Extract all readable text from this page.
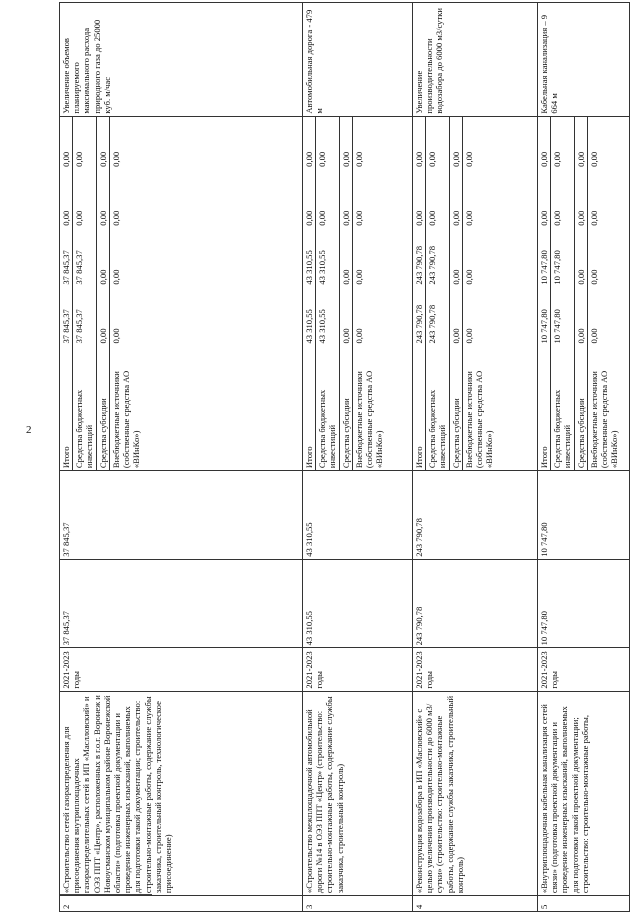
2
2	«Строительство сетей газораспределения для присоединения внутриплощадочных газораспределительных сетей в ИП «Маслловский» и ОЭЗ ППТ «Центр», расположенных в г.о.г. Воронеж и Новоусманском муниципальном районе Воронежской области» (подготовка проектной документации и проведение инженерных изысканий, выполняемых для подготовки такой документации; строительство: строительно-монтажные работы, содержание службы заказчика, строительный контроль, технологическое присоединение)	2021-2023 годы	37 845,37	37 845,37	
Итого	37 845,37	37 845,37	0,00	0,00
Средства бюджетных инвестиций	37 845,37	37 845,37	0,00	0,00
Средства субсидии	0,00	0,00	0,00	0,00
Внебюджетные источники (собственные средства АО «ВИнКо»)	0,00	0,00	0,00	0,00
	Увеличение объемов планируемого максимального расхода природного газа до 25000 куб. м/час
3	«Строительство межплощадочной автомобильной дороги №14 в ОЭЗ ППТ «Центр» (строительство: строительно-монтажные работы, содержание службы заказчика, строительный контроль)	2021-2023 годы	43 310,55	43 310,55	
Итого	43 310,55	43 310,55	0,00	0,00
Средства бюджетных инвестиций	43 310,55	43 310,55	0,00	0,00
Средства субсидии	0,00	0,00	0,00	0,00
Внебюджетные источники (собственные средства АО «ВИнКо»)	0,00	0,00	0,00	0,00
	Автомобильная дорога - 479 м
4	«Реконструкция водозабора в ИП «Масловский» с целью увеличения производительности до 6000 м3/сутки» (строительство: строительно-монтажные работы, содержание службы заказчика, строительный контроль)	2021-2023 годы	243 790,78	243 790,78	
Итого	243 790,78	243 790,78	0,00	0,00
Средства бюджетных инвестиций	243 790,78	243 790,78	0,00	0,00
Средства субсидии	0,00	0,00	0,00	0,00
Внебюджетные источники (собственные средства АО «ВИнКо»)	0,00	0,00	0,00	0,00
	Увеличение производительности водозабора до 6000 м3/сутки
5	«Внутриплощадочная кабельная канализация сетей связи» (подготовка проектной документации и проведение инженерных изысканий, выполняемых для подготовки такой проектной документации; строительство: строительно-монтажные работы,	2021-2023 годы	10 747,80	10 747,80	
Итого	10 747,80	10 747,80	0,00	0,00
Средства бюджетных инвестиций	10 747,80	10 747,80	0,00	0,00
Средства субсидии	0,00	0,00	0,00	0,00
Внебюджетные источники (собственные средства АО «ВИнКо»)	0,00	0,00	0,00	0,00
	Кабельная канализация – 9 664 м
